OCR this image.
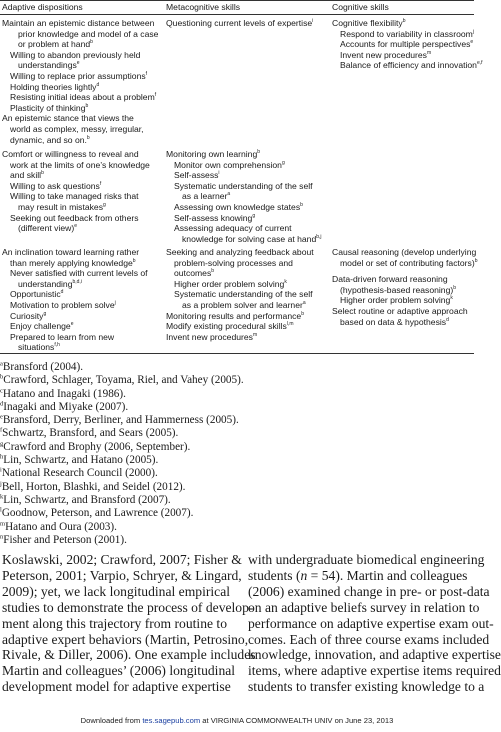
Adaptive dispositions	Metacognitive skills	Cognitive skills
Maintain an epistemic distance between
prior knowledge and model of a case
or problem at hand$^b$
Willing to abandon previously held
understandings$^e$
Willing to replace prior assumptions$^f$
Holding theories lightly$^d$
Resisting initial ideas about a problem$^f$
Plasticity of thinking$^b$
An epistemic stance that views the
world as complex, messy, irregular,
dynamic, and so on.$^b$
Questioning current levels of expertise$^i$ Cognitive flexibility$^b$
Respond to variability in classroom$^j$
Accounts for multiple perspectives$^e$
Invent new procedures$^m$
Balance of efficiency and innovation$^{e,f}$
Comfort or willingness to reveal and
work at the limits of one’s knowledge
and skill$^b$
Willing to ask questions$^f$
Willing to take managed risks that
may result in mistakes$^g$
Seeking out feedback from others
(different view)$^e$
Monitoring own learning$^b$
Monitor own comprehension$^g$
Self-assess$^i$
Systematic understanding of the self
as a learner$^a$
Assessing own knowledge states$^b$
Self-assess knowing$^g$
Assessing adequacy of current
knowledge for solving case at hand$^{b,j}$
An inclination toward learning rather
than merely applying knowledge$^b$
Never satisfied with current levels of
understanding$^{b,d,i}$
Opportunistic$^d$
Motivation to problem solve$^j$
Curiosity$^g$
Enjoy challenge$^e$
Prepared to learn from new
situations$^{f,h}$
Seeking and analyzing feedback about
problem-solving processes and
outcomes$^b$
Higher order problem solving$^k$
Systematic understanding of the self
as a problem solver and learner$^a$
Monitoring results and performance$^b$
Modify existing procedural skills$^{l,m}$
Invent new procedures$^m$
Causal reasoning (develop underlying
model or set of contributing factors)$^b$
Data-driven forward reasoning
(hypothesis-based reasoning)$^b$
Higher order problem solving$^k$
Select routine or adaptive approach
based on data & hypothesis$^d$
$^a$Bransford (2004).
$^b$Crawford, Schlager, Toyama, Riel, and Vahey (2005).
$^c$Hatano and Inagaki (1986).
$^d$Inagaki and Miyake (2007).
$^e$Bransford, Derry, Berliner, and Hammerness (2005).
$^f$Schwartz, Bransford, and Sears (2005).
$^g$Crawford and Brophy (2006, September).
$^h$Lin, Schwartz, and Hatano (2005).
$^i$National Research Council (2000).
$^j$Bell, Horton, Blashki, and Seidel (2012).
$^k$Lin, Schwartz, and Bransford (2007).
$^l$Goodnow, Peterson, and Lawrence (2007).
$^m$Hatano and Oura (2003).
$^n$Fisher and Peterson (2001).
Koslawski, 2002; Crawford, 2007; Fisher &
Peterson, 2001; Varpio, Schryer, & Lingard,
2009); yet, we lack longitudinal empirical
studies to demonstrate the process of develop-
ment along this trajectory from routine to
adaptive expert behaviors (Martin, Petrosino,
Rivale, & Diller, 2006). One example includes
Martin and colleagues’ (2006) longitudinal
development model for adaptive expertise
with undergraduate biomedical engineering
students (n = 54). Martin and colleagues
(2006) examined change in pre- or post-data
on an adaptive beliefs survey in relation to
performance on adaptive expertise exam out-
comes. Each of three course exams included
knowledge, innovation, and adaptive expertise
items, where adaptive expertise items required
students to transfer existing knowledge to a
Downloaded from tes.sagepub.com at VIRGINIA COMMONWEALTH UNIV on June 23, 2013
